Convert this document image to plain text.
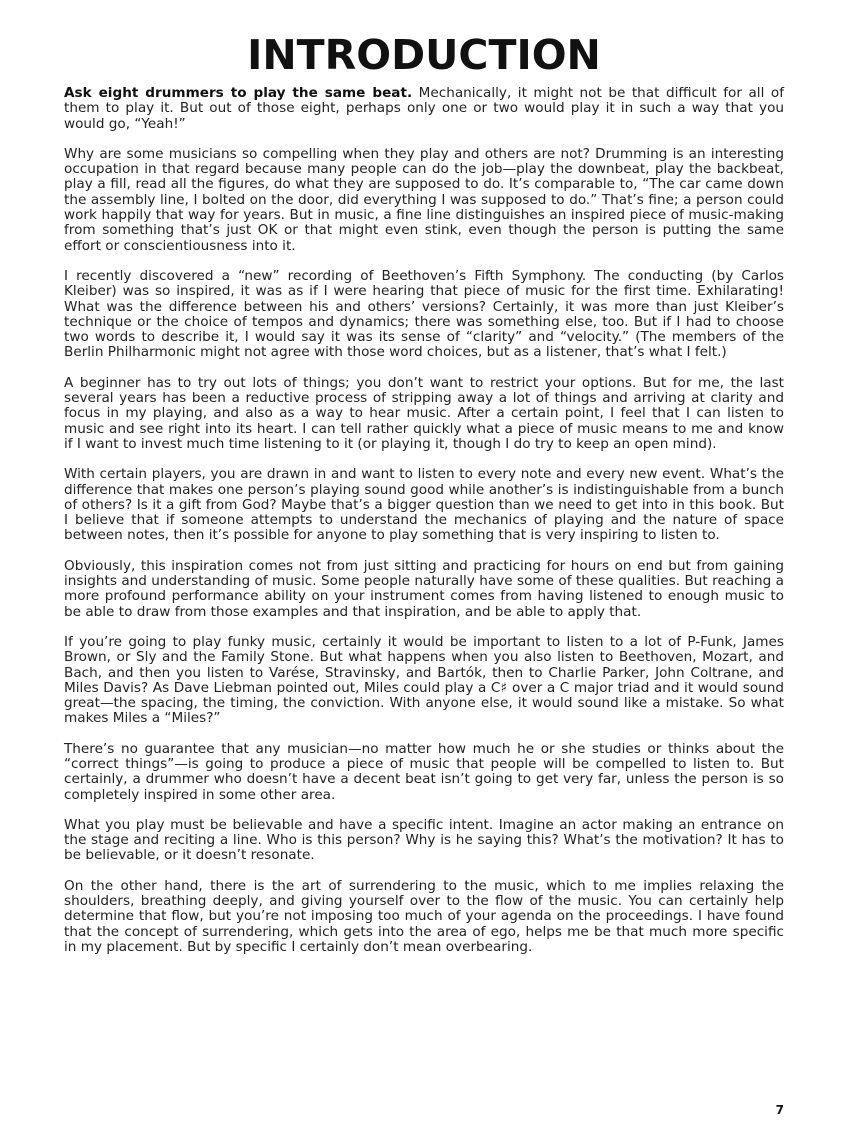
INTRODUCTION

Ask eight drummers to play the same beat. Mechanically, it might not be that difficult for all of them to play it. But out of those eight, perhaps only one or two would play it in such a way that you would go, “Yeah!”

Why are some musicians so compelling when they play and others are not? Drumming is an interesting occupation in that regard because many people can do the job—play the downbeat, play the backbeat, play a fill, read all the figures, do what they are supposed to do. It’s comparable to, “The car came down the assembly line, I bolted on the door, did everything I was supposed to do.” That’s fine; a person could work happily that way for years. But in music, a fine line distinguishes an inspired piece of music-making from something that’s just OK or that might even stink, even though the person is putting the same effort or conscientiousness into it.

I recently discovered a “new” recording of Beethoven’s Fifth Symphony. The conducting (by Carlos Kleiber) was so inspired, it was as if I were hearing that piece of music for the first time. Exhilarating! What was the difference between his and others’ versions? Certainly, it was more than just Kleiber’s technique or the choice of tempos and dynamics; there was something else, too. But if I had to choose two words to describe it, I would say it was its sense of “clarity” and “velocity.” (The members of the Berlin Philharmonic might not agree with those word choices, but as a listener, that’s what I felt.)

A beginner has to try out lots of things; you don’t want to restrict your options. But for me, the last several years has been a reductive process of stripping away a lot of things and arriving at clarity and focus in my playing, and also as a way to hear music. After a certain point, I feel that I can listen to music and see right into its heart. I can tell rather quickly what a piece of music means to me and know if I want to invest much time listening to it (or playing it, though I do try to keep an open mind).

With certain players, you are drawn in and want to listen to every note and every new event. What’s the difference that makes one person’s playing sound good while another’s is indistinguishable from a bunch of others? Is it a gift from God? Maybe that’s a bigger question than we need to get into in this book. But I believe that if someone attempts to understand the mechanics of playing and the nature of space between notes, then it’s possible for anyone to play something that is very inspiring to listen to.

Obviously, this inspiration comes not from just sitting and practicing for hours on end but from gaining insights and understanding of music. Some people naturally have some of these qualities. But reaching a more profound performance ability on your instrument comes from having listened to enough music to be able to draw from those examples and that inspiration, and be able to apply that.

If you’re going to play funky music, certainly it would be important to listen to a lot of P-Funk, James Brown, or Sly and the Family Stone. But what happens when you also listen to Beethoven, Mozart, and Bach, and then you listen to Varése, Stravinsky, and Bartók, then to Charlie Parker, John Coltrane, and Miles Davis? As Dave Liebman pointed out, Miles could play a C♯ over a C major triad and it would sound great—the spacing, the timing, the conviction. With anyone else, it would sound like a mistake. So what makes Miles a “Miles?”

There’s no guarantee that any musician—no matter how much he or she studies or thinks about the “correct things”—is going to produce a piece of music that people will be compelled to listen to. But certainly, a drummer who doesn’t have a decent beat isn’t going to get very far, unless the person is so completely inspired in some other area.

What you play must be believable and have a specific intent. Imagine an actor making an entrance on the stage and reciting a line. Who is this person? Why is he saying this? What’s the motivation? It has to be believable, or it doesn’t resonate.

On the other hand, there is the art of surrendering to the music, which to me implies relaxing the shoulders, breathing deeply, and giving yourself over to the flow of the music. You can certainly help determine that flow, but you’re not imposing too much of your agenda on the proceedings. I have found that the concept of surrendering, which gets into the area of ego, helps me be that much more specific in my placement. But by specific I certainly don’t mean overbearing.

7
